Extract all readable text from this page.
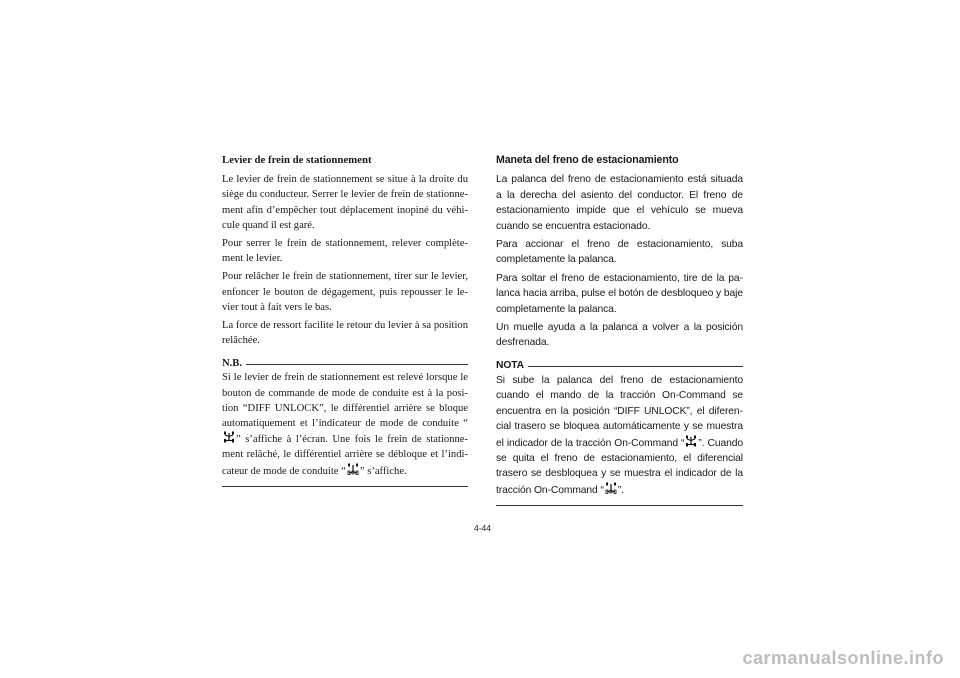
Levier de frein de stationnement

Le levier de frein de stationnement se situe à la droite du siège du conducteur. Serrer le levier de frein de stationnement afin d’empêcher tout déplacement inopiné du véhicule quand il est garé.

Pour serrer le frein de stationnement, relever complètement le levier.

Pour relâcher le frein de stationnement, tirer sur le levier, enfoncer le bouton de dégagement, puis repousser le levier tout à fait vers le bas.

La force de ressort facilite le retour du levier à sa position relâchée.

N.B.

Si le levier de frein de stationnement est relevé lorsque le bouton de commande de mode de conduite est à la position “DIFF UNLOCK”, le différentiel arrière se bloque automatiquement et l’indicateur de mode de conduite “” s’affiche à l’écran. Une fois le frein de stationnement relâché, le différentiel arrière se débloque et l’indicateur de mode de conduite “ ” s’affiche.

Maneta del freno de estacionamiento

La palanca del freno de estacionamiento está situada a la derecha del asiento del conductor. El freno de estacionamiento impide que el vehículo se mueva cuando se encuentra estacionado.

Para accionar el freno de estacionamiento, suba completamente la palanca.

Para soltar el freno de estacionamiento, tire de la palanca hacia arriba, pulse el botón de desbloqueo y baje completamente la palanca.

Un muelle ayuda a la palanca a volver a la posición desfrenada.

NOTA

Si sube la palanca del freno de estacionamiento cuando el mando de la tracción On-Command se encuentra en la posición “DIFF UNLOCK”, el diferencial trasero se bloquea automáticamente y se muestra el indicador de la tracción On-Command “ ”. Cuando se quita el freno de estacionamiento, el diferencial trasero se desbloquea y se muestra el indicador de la tracción On-Command “ ”.

4-44
carmanualsonline.info
